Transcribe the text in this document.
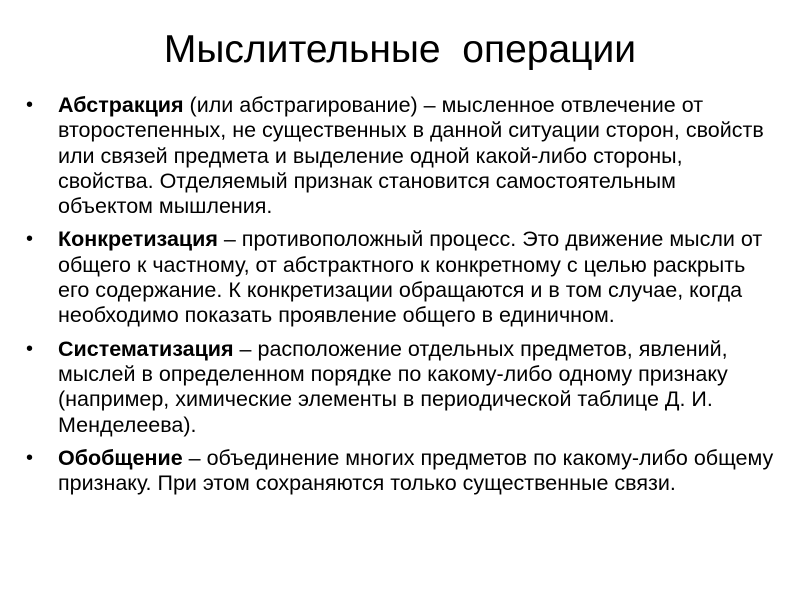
Мыслительные  операции
• Абстракция (или абстрагирование) – мысленное отвлечение от второстепенных, не существенных в данной ситуации сторон, свойств или связей предмета и выделение одной какой-либо стороны, свойства. Отделяемый признак становится самостоятельным объектом мышления.
• Конкретизация – противоположный процесс. Это движение мысли от общего к частному, от абстрактного к конкретному с целью раскрыть его содержание. К конкретизации обращаются и в том случае, когда необходимо показать проявление общего в единичном.
• Систематизация – расположение отдельных предметов, явлений, мыслей в определенном порядке по какому-либо одному признаку (например, химические элементы в периодической таблице Д. И. Менделеева).
• Обобщение – объединение многих предметов по какому-либо общему признаку. При этом сохраняются только существенные связи.
